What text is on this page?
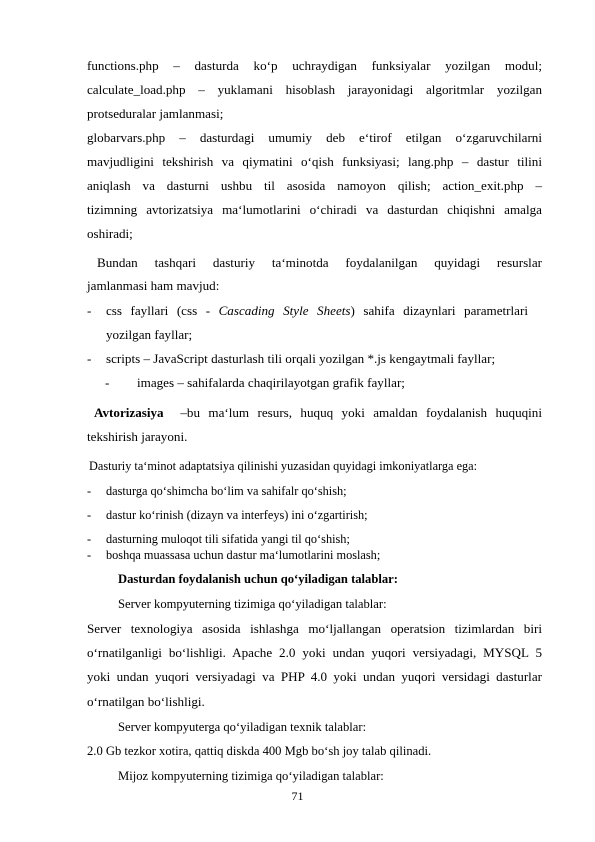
functions.php – dasturda ko‘p uchraydigan funksiyalar yozilgan modul;
calculate_load.php – yuklamani hisoblash jarayonidagi algoritmlar yozilgan
protseduralar jamlanmasi;
globarvars.php – dasturdagi umumiy deb e‘tirof etilgan o‘zgaruvchilarni
mavjudligini tekshirish va qiymatini o‘qish funksiyasi; lang.php – dastur tilini
aniqlash va dasturni ushbu til asosida namoyon qilish; action_exit.php –
tizimning avtorizatsiya ma‘lumotlarini o‘chiradi va dasturdan chiqishni amalga
oshiradi;
Bundan tashqari dasturiy ta‘minotda foydalanilgan quyidagi resurslar
jamlanmasi ham mavjud:
- css fayllari (css - Cascading Style Sheets) sahifa dizaynlari parametrlari
yozilgan fayllar;
- scripts – JavaScript dasturlash tili orqali yozilgan *.js kengaytmali fayllar;
- images – sahifalarda chaqirilayotgan grafik fayllar;
Avtorizasiya –bu ma‘lum resurs, huquq yoki amaldan foydalanish huquqini
tekshirish jarayoni.
Dasturiy ta‘minot adaptatsiya qilinishi yuzasidan quyidagi imkoniyatlarga ega:
- dasturga qo‘shimcha bo‘lim va sahifalr qo‘shish;
- dastur ko‘rinish (dizayn va interfeys) ini o‘zgartirish;
- dasturning muloqot tili sifatida yangi til qo‘shish;
- boshqa muassasa uchun dastur ma‘lumotlarini moslash;
Dasturdan foydalanish uchun qo‘yiladigan talablar:
Server kompyuterning tizimiga qo‘yiladigan talablar:
Server texnologiya asosida ishlashga mo‘ljallangan operatsion tizimlardan biri
o‘rnatilganligi bo‘lishligi. Apache 2.0 yoki undan yuqori versiyadagi, MYSQL 5
yoki undan yuqori versiyadagi va PHP 4.0 yoki undan yuqori versidagi dasturlar
o‘rnatilgan bo‘lishligi.
Server kompyuterga qo‘yiladigan texnik talablar:
2.0 Gb tezkor xotira, qattiq diskda 400 Mgb bo‘sh joy talab qilinadi.
Mijoz kompyuterning tizimiga qo‘yiladigan talablar:
71
